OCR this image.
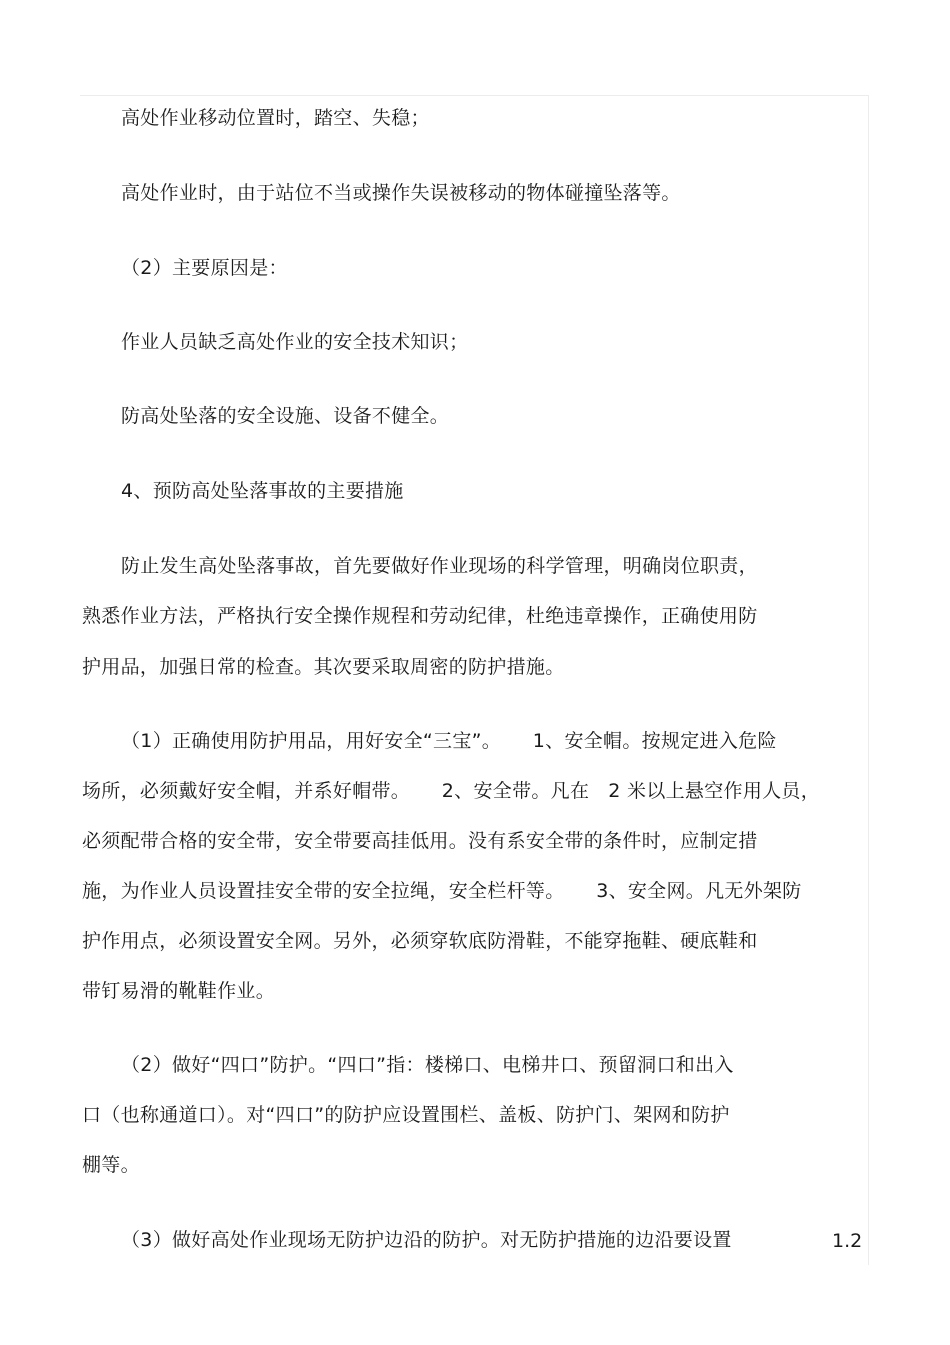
高处作业移动位置时，踏空、失稳；
高处作业时，由于站位不当或操作失误被移动的物体碰撞坠落等。
（2）主要原因是：
作业人员缺乏高处作业的安全技术知识；
防高处坠落的安全设施、设备不健全。
4、预防高处坠落事故的主要措施
防止发生高处坠落事故，首先要做好作业现场的科学管理，明确岗位职责，
熟悉作业方法，严格执行安全操作规程和劳动纪律，杜绝违章操作，正确使用防
护用品，加强日常的检查。其次要采取周密的防护措施。
（1）正确使用防护用品，用好安全“三宝”。     1、安全帽。按规定进入危险
场所，必须戴好安全帽，并系好帽带。     2、安全带。凡在   2 米以上悬空作用人员，
必须配带合格的安全带，安全带要高挂低用。没有系安全带的条件时，应制定措
施，为作业人员设置挂安全带的安全拉绳，安全栏杆等。     3、安全网。凡无外架防
护作用点，必须设置安全网。另外，必须穿软底防滑鞋，不能穿拖鞋、硬底鞋和
带钉易滑的靴鞋作业。
（2）做好“四口”防护。“四口”指：楼梯口、电梯井口、预留洞口和出入
口（也称通道口）。对“四口”的防护应设置围栏、盖板、防护门、架网和防护
棚等。
（3）做好高处作业现场无防护边沿的防护。对无防护措施的边沿要设置	1.2
